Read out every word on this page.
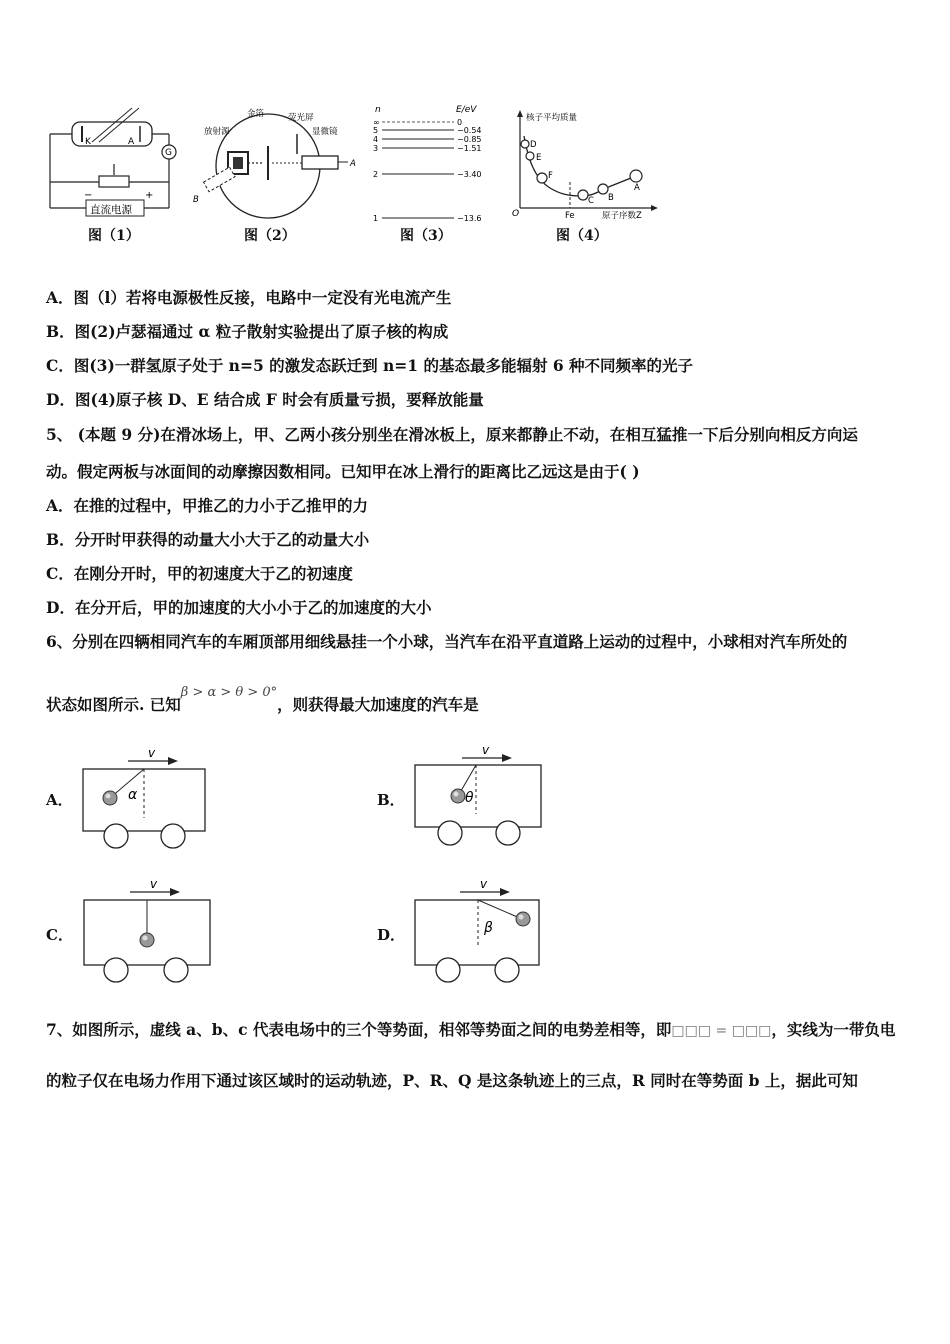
K	A
G
−	+
直流电源
图（1）
金箔	荧光屏
显微镜
放射源
A
B
图（2）
n	E/eV
∞	0
5	−0.54
4	−0.85
3	−1.51
2	−3.40
1	−13.6
图（3）
核子平均质量
原子序数Z
O	Fe
D
E
F
C B
A
图（4）
A．图（l）若将电源极性反接，电路中一定没有光电流产生
B．图(2)卢瑟福通过 α 粒子散射实验提出了原子核的构成
C．图(3)一群氢原子处于 n=5 的激发态跃迁到 n=1 的基态最多能辐射 6 种不同频率的光子
D．图(4)原子核 D、E 结合成 F 时会有质量亏损，要释放能量
5、 (本题 9 分)在滑冰场上，甲、乙两小孩分别坐在滑冰板上，原来都静止不动，在相互猛推一下后分别向相反方向运
动。假定两板与冰面间的动摩擦因数相同。已知甲在冰上滑行的距离比乙远这是由于( )
A．在推的过程中，甲推乙的力小于乙推甲的力
B．分开时甲获得的动量大小大于乙的动量大小
C．在刚分开时，甲的初速度大于乙的初速度
D．在分开后，甲的加速度的大小小于乙的加速度的大小
6、分别在四辆相同汽车的车厢顶部用细线悬挂一个小球，当汽车在沿平直道路上运动的过程中，小球相对汽车所处的
状态如图所示. 已知$^{\beta > \alpha > \theta > 0^\circ}$，则获得最大加速度的汽车是
A．
v
α	B．
v
θ
C．
v
D．
v
β
7、如图所示，虚线 a、b、c 代表电场中的三个等势面，相邻等势面之间的电势差相等，即□□□ = □□□，实线为一带负电
的粒子仅在电场力作用下通过该区域时的运动轨迹，P、R、Q 是这条轨迹上的三点，R 同时在等势面 b 上，据此可知
